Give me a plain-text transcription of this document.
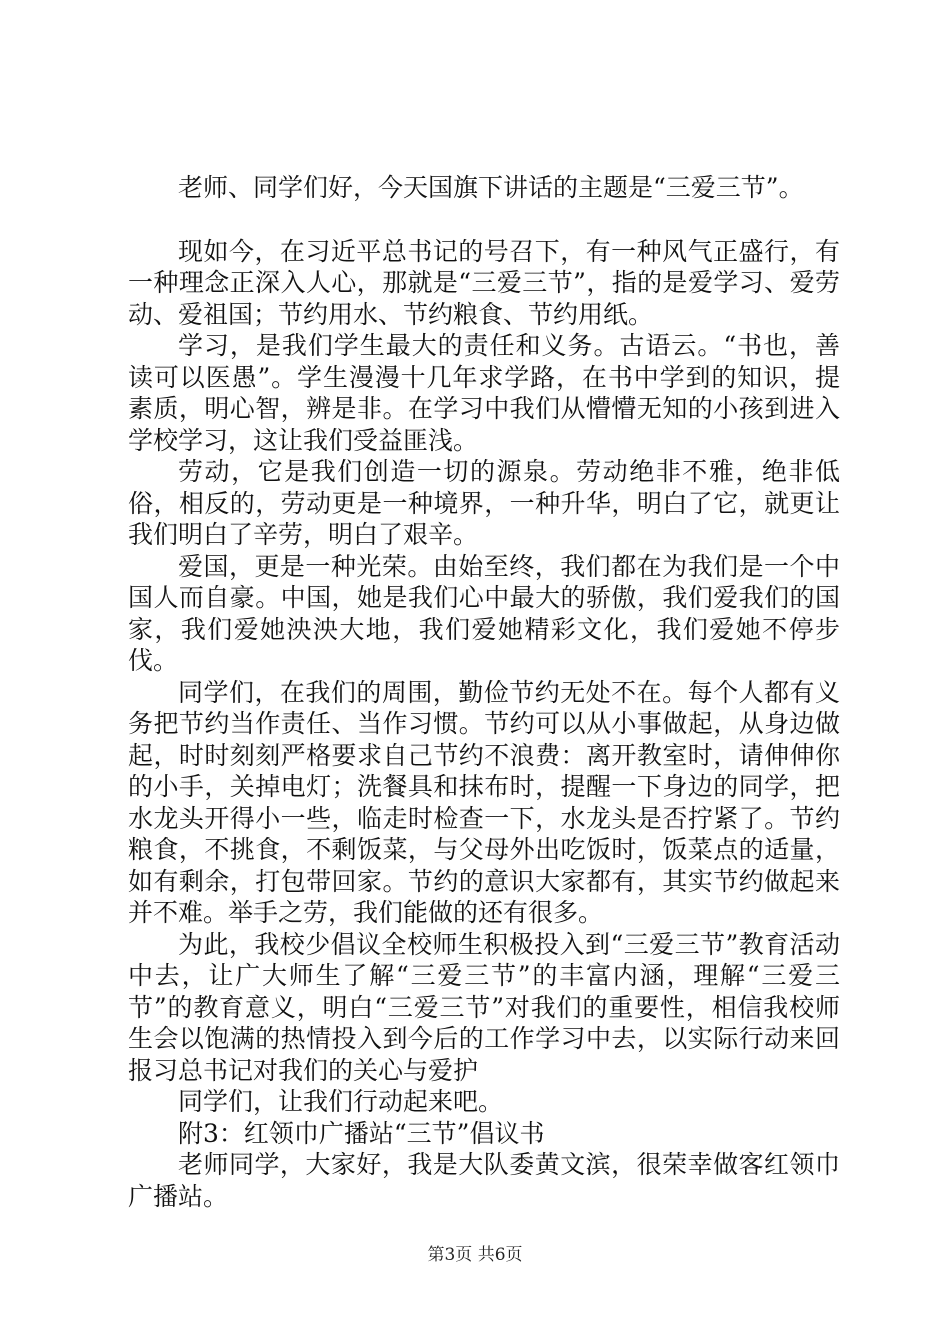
老师、同学们好，今天国旗下讲话的主题是“三爱三节”。

现如今，在习近平总书记的号召下，有一种风气正盛行，有一种理念正深入人心，那就是“三爱三节”，指的是爱学习、爱劳动、爱祖国；节约用水、节约粮食、节约用纸。

学习，是我们学生最大的责任和义务。古语云。“书也，善读可以医愚”。学生漫漫十几年求学路，在书中学到的知识，提素质，明心智，辨是非。在学习中我们从懵懵无知的小孩到进入学校学习，这让我们受益匪浅。

劳动，它是我们创造一切的源泉。劳动绝非不雅，绝非低俗，相反的，劳动更是一种境界，一种升华，明白了它，就更让我们明白了辛劳，明白了艰辛。

爱国，更是一种光荣。由始至终，我们都在为我们是一个中国人而自豪。中国，她是我们心中最大的骄傲，我们爱我们的国家，我们爱她泱泱大地，我们爱她精彩文化，我们爱她不停步伐。

同学们，在我们的周围，勤俭节约无处不在。每个人都有义务把节约当作责任、当作习惯。节约可以从小事做起，从身边做起，时时刻刻严格要求自己节约不浪费：离开教室时，请伸伸你的小手，关掉电灯；洗餐具和抹布时，提醒一下身边的同学，把水龙头开得小一些，临走时检查一下，水龙头是否拧紧了。节约粮食，不挑食，不剩饭菜，与父母外出吃饭时，饭菜点的适量，如有剩余，打包带回家。节约的意识大家都有，其实节约做起来并不难。举手之劳，我们能做的还有很多。

为此，我校少倡议全校师生积极投入到“三爱三节”教育活动中去，让广大师生了解“三爱三节”的丰富内涵，理解“三爱三节”的教育意义，明白“三爱三节”对我们的重要性，相信我校师生会以饱满的热情投入到今后的工作学习中去，以实际行动来回报习总书记对我们的关心与爱护

同学们，让我们行动起来吧。

附3：红领巾广播站“三节”倡议书

老师同学，大家好，我是大队委黄文滨，很荣幸做客红领巾广播站。

第3页 共6页
